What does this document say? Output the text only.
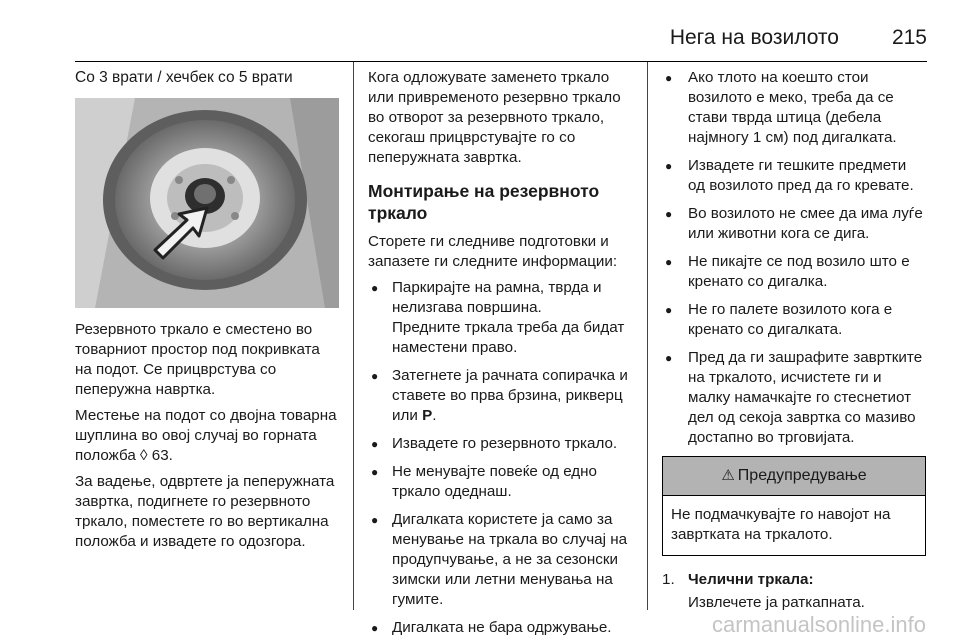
Нега на возилото	215
Со 3 врати / хечбек со 5 врати

Резервното тркало е сместено во товарниот простор под покривката на подот. Се прицврстува со пеперужна навртка.

Местење на подот со двојна товарна шуплина во овој случај во горната положба ◊ 63.

За вадење, одвртете ја пеперужната завртка, подигнете го резервното тркало, поместете го во вертикална положба и извадете го одозгора.

Кога одложувате заменето тркало или привременото резервно тркало во отворот за резервното тркало, секогаш прицврстувајте го со пеперужната завртка.

Монтирање на резервното тркало

Сторете ги следниве подготовки и запазете ги следните информации:

● Паркирајте на рамна, тврда и нелизгава површина.
Предните тркала треба да бидат наместени право.
● Затегнете ја рачната сопирачка и ставете во прва брзина, рикверц или P.
● Извадете го резервното тркало.
● Не менувајте повеќе од едно тркало одеднаш.
● Дигалката користете ја само за менување на тркала во случај на продупчување, а не за сезонски зимски или летни менувања на гумите.
● Дигалката не бара одржување.
● Ако тлото на коешто стои возилото е меко, треба да се стави тврда штица (дебела најмногу 1 см) под дигалката.
● Извадете ги тешките предмети од возилото пред да го кревате.
● Во возилото не смее да има луѓе или животни кога се дига.
● Не пикајте се под возило што е кренато со дигалка.
● Не го палете возилото кога е кренато со дигалката.
● Пред да ги зашрафите завртките на тркалото, исчистете ги и малку намачкајте го стеснетиот дел од секоја завртка со мазиво достапно во трговијата.
⚠ Предупредување
Не подмачкувајте го навојот на завртката на тркалото.
1. Челични тркала:
Извлечете ја раткапната.
carmanualsonline.info
